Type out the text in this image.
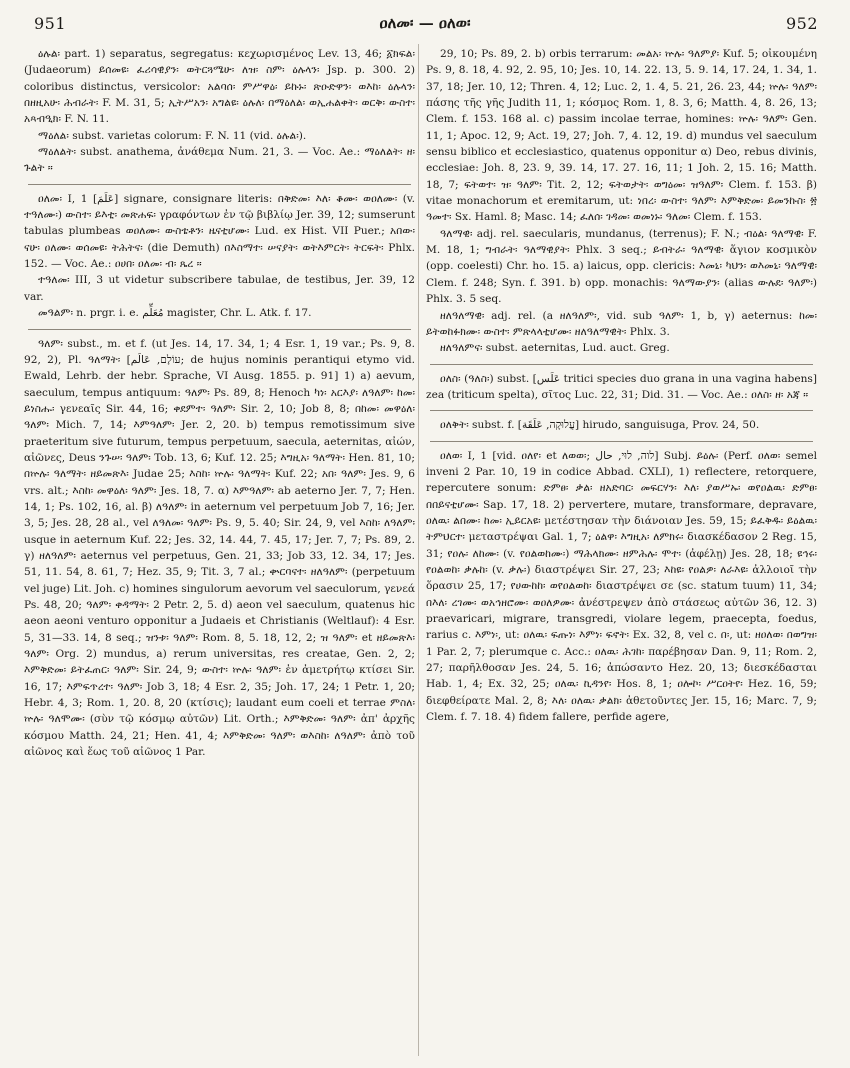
951	ዐለመ፡ — ዐለወ፡	952

ዕሉል፡ part. 1) separatus, segregatus: κεχωρισμένος Lev. 13, 46; ፩ክፍል፡ (Judaeorum) ይሰመዩ፡ ፈሪሳዊያን፡ ወትርጓሜሁ፡ ለዝ፡ ስም፡ ዕሉላን፡ Jsp. p. 300. 2) coloribus distinctus, versicolor: አልባሰ፡ ምሥዋዕ፡ ይኩኑ፡ ጽዑድዋን፡ ወእከ፡ ዕሉላን፡ በዘዚአሁ፡ ሕብራት፡ F. M. 31, 5; ኢትሥአን፡ አግልዩ፡ ዕሉለ፡ በማዕለል፡ ወኢሐልቀት፡ ወርቅ፡ ውስተ፡ አጻብዒክ፡ F. N. 11.

ማዕለል፡ subst. varietas colorum: F. N. 11 (vid. ዕሉል፡).

ማዕለልት፡ subst. anathema, ἀνάθεμα Num. 21, 3. — Voc. Ae.: ማዕለልት፡ ዘ፡ ጉልት ።

ዐለመ፡ I, 1 [عَلَمَ] signare, consignare literis: በቅድመ፡ እለ፡ ቆሙ፡ ወዐለሙ፡ (v. ተዓለሙ፡) ውስተ፡ ይእቲ፡ መጽሐፍ፡ γραφόντων ἐν τῷ βιβλίῳ Jer. 39, 12; sumserunt tabulas plumbeas ወዐለሙ፡ ውስቴቶን፡ ዜናቲሆሙ፡ Lud. ex Hist. VII Puer.; አበው፡ ናሁ፡ ዐለሙ፡ ወሰመዩ፡ ትሕትና፡ (die Demuth) በእስማተ፡ ሠናያት፡ ወትእምርት፡ ትርፍት፡ Phlx. 152. — Voc. Ae.: ዐሀበ፡ ዐለመ፡ ብ፡ ጼረ ።

ተዓለመ፡ III, 3 ut videtur subscribere tabulae, de testibus, Jer. 39, 12 var.

መዓልም፡ n. prgr. i. e. مُعَلِّم magister, Chr. L. Atk. f. 17.

ዓለም፡ subst., m. et f. (ut Jes. 14, 17. 34, 1; 4 Esr. 1, 19 var.; Ps. 9, 8. 92, 2), Pl. ዓለማት፡ [עוֹלָם, عَالَم; de hujus nominis perantiqui etymo vid. Ewald, Lehrb. der hebr. Sprache, VI Ausg. 1855. p. 91] 1) a) aevum, saeculum, tempus antiquum: ዓለም፡ Ps. 89, 8; Henoch ካነ፡ አርእያ፡ ለዓለም፡ ከመ፡ ይነስሑ፡ γενεαῖς Sir. 44, 16; ቀደምተ፡ ዓለም፡ Sir. 2, 10; Job 8, 8; በከመ፡ መዋዕለ፡ ዓለም፡ Mich. 7, 14; እምዓለም፡ Jer. 2, 20. b) tempus remotissimum sive praeteritum sive futurum, tempus perpetuum, saecula, aeternitas, αἰών, αἰῶνες, Deus ንጉሠ፡ ዓለም፡ Tob. 13, 6; Kuf. 12. 25; እግዚአ፡ ዓለማት፡ Hen. 81, 10; በኵሉ፡ ዓለማት፡ ዘይመጽእ፡ Judae 25; እስከ፡ ኵሉ፡ ዓለማት፡ Kuf. 22; አበ፡ ዓለም፡ Jes. 9, 6 vrs. alt.; እስከ፡ መዋዕለ፡ ዓለም፡ Jes. 18, 7. α) እምዓለም፡ ab aeterno Jer. 7, 7; Hen. 14, 1; Ps. 102, 16, al. β) ለዓለም፡ in aeternum vel perpetuum Job 7, 16; Jer. 3, 5; Jes. 28, 28 al., vel ለዓለመ፡ ዓለም፡ Ps. 9, 5. 40; Sir. 24, 9, vel እስከ፡ ለዓለም፡ usque in aeternum Kuf. 22; Jes. 32, 14. 44, 7. 45, 17; Jer. 7, 7; Ps. 89, 2. γ) ዘለዓለም፡ aeternus vel perpetuus, Gen. 21, 33; Job 33, 12. 34, 17; Jes. 51, 11. 54, 8. 61, 7; Hez. 35, 9; Tit. 3, 7 al.; ቍርባናተ፡ ዘለዓለም፡ (perpetuum vel juge) Lit. Joh. c) homines singulorum aevorum vel saeculorum, γενεά Ps. 48, 20; ዓለም፡ ቀዳማት፡ 2 Petr. 2, 5. d) aeon vel saeculum, quatenus hic aeon aeoni venturo opponitur a Judaeis et Christianis (Weltlauf): 4 Esr. 5, 31—33. 14, 8 seq.; ዝንቱ፡ ዓለም፡ Rom. 8, 5. 18, 12, 2; ዝ ዓለም፡ et ዘይመጽእ፡ ዓለም፡ Org. 2) mundus, a) rerum universitas, res creatae, Gen. 2, 2; እምቅድመ፡ ይትፈጠር፡ ዓለም፡ Sir. 24, 9; ውስተ፡ ኵሉ፡ ዓለም፡ ἐν ἀμετρήτῳ κτίσει Sir. 16, 17; እምፍጥረተ፡ ዓለም፡ Job 3, 18; 4 Esr. 2, 35; Joh. 17, 24; 1 Petr. 1, 20; Hebr. 4, 3; Rom. 1, 20. 8, 20 (κτίσις); laudant eum coeli et terrae ምስለ፡ ኵሉ፡ ዓለሞሙ፡ (σὺν τῷ κόσμῳ αὐτῶν) Lit. Orth.; እምቅድመ፡ ዓለም፡ ἀπ' ἀρχῆς κόσμου Matth. 24, 21; Hen. 41, 4; እምቅድመ፡ ዓለም፡ ወእስከ፡ ለዓለም፡ ἀπὸ τοῦ αἰῶνος καὶ ἕως τοῦ αἰῶνος 1 Par.

29, 10; Ps. 89, 2. b) orbis terrarum: መልአ፡ ኵሉ፡ ዓለምያ፡ Kuf. 5; οἰκουμένη Ps. 9, 8. 18, 4. 92, 2. 95, 10; Jes. 10, 14. 22. 13, 5. 9. 14, 17. 24, 1. 34, 1. 37, 18; Jer. 10, 12; Thren. 4, 12; Luc. 2, 1. 4, 5. 21, 26. 23, 44; ኵሉ፡ ዓለም፡ πάσης τῆς γῆς Judith 11, 1; κόσμος Rom. 1, 8. 3, 6; Matth. 4, 8. 26, 13; Clem. f. 153. 168 al. c) passim incolae terrae, homines: ኵሉ፡ ዓለም፡ Gen. 11, 1; Apoc. 12, 9; Act. 19, 27; Joh. 7, 4. 12, 19. d) mundus vel saeculum sensu biblico et ecclesiastico, quatenus opponitur α) Deo, rebus divinis, ecclesiae: Joh. 8, 23. 9, 39. 14, 17. 27. 16, 11; 1 Joh. 2, 15. 16; Matth. 18, 7; ፍትወተ፡ ዝ፡ ዓለም፡ Tit. 2, 12; ፍትወታት፡ ወግዕመ፡ ዝዓለም፡ Clem. f. 153. β) vitae monachorum et eremitarum, ut: ነበረ፡ ውስተ፡ ዓለም፡ እምቅድመ፡ ይመንኩስ፡ ፳ ዓመተ፡ Sx. Haml. 8; Masc. 14; ፈለሰ፡ ገዳመ፡ ወመነኑ፡ ዓለመ፡ Clem. f. 153.

ዓለማዊ፡ adj. rel. saecularis, mundanus, (terrenus); F. N.; ብዕል፡ ዓለማዊ፡ F. M. 18, 1; ግብራት፡ ዓለማዊያት፡ Phlx. 3 seq.; ይብትራ፡ ዓለማዊ፡ ἅγιον κοσμικὸν (opp. coelesti) Chr. ho. 15. a) laicus, opp. clericis: እመኒ፡ ካህን፡ ወእመኒ፡ ዓለማዊ፡ Clem. f. 248; Syn. f. 391. b) opp. monachis: ዓለማውያን፡ (alias ውሉደ፡ ዓለም፡) Phlx. 3. 5 seq.

ዘለዓለማዊ፡ adj. rel. (a ዘለዓለም፡, vid. sub ዓለም፡ 1, b, γ) aeternus: ከመ፡ ይትወከፉክሙ፡ ውስተ፡ ምጽላላቲሆሙ፡ ዘለዓለማዊት፡ Phlx. 3.

ዘለዓለምና፡ subst. aeternitas, Lud. auct. Greg.

ዐለስ፡ (ዓለስ፡) subst. [عَلَس tritici species duo grana in una vagina habens] zea (triticum spelta), σῖτος Luc. 22, 31; Did. 31. — Voc. Ae.: ዐለስ፡ ዘ፡ አጃ ።

ዐለቅት፡ subst. f. [עֲלוּקָה, عَلَقَة] hirudo, sanguisuga, Prov. 24, 50.

ዐለወ፡ I, 1 [vid. ዐለየ፡ et ለወወ፡; לוה, לוּי, حال] Subj. ይዕሉ፡ (Perf. ዐለወ፡ semel inveni 2 Par. 10, 19 in codice Abbad. CXLI), 1) reflectere, retorquere, repercutere sonum: ድምፀ፡ ቃል፡ ዘአድባር፡ መፍርሃን፡ እለ፡ ያወሥኡ፡ ወየዐልዉ፡ ድምፀ፡ በበይናቲሆሙ፡ Sap. 17, 18. 2) pervertere, mutare, transformare, depravare, ዐለዉ፡ ልበሙ፡ ከመ፡ ኢይርአዩ፡ μετέστησαν τὴν διάνοιαν Jes. 59, 15; ይፈቅዱ፡ ይዕልዉ፡ ትምህርተ፡ μεταστρέψαι Gal. 1, 7; ዕልዋ፡ እግዚአ፡ ለምክሩ፡ διασκέδασον 2 Reg. 15, 31; የዐሉ፡ ለከሙ፡ (v. የዐልወከሙ፡) ማሕላክሙ፡ ዘምሕሉ፡ ሞተ፡ (ἀφέλῃ) Jes. 28, 18; ዩኅሩ፡ የዐልወከ፡ ቃሉከ፡ (v. ቃሉ፡) διαστρέψει Sir. 27, 23; እከዩ፡ የዐልዎ፡ ለራእዩ፡ ἀλλοιοῖ τὴν ὅρασιν 25, 17; የሀውከከ፡ ወየዐልወከ፡ διαστρέψει σε (sc. statum tuum) 11, 34; በእለ፡ ረገሙ፡ ወአኅዘሮሙ፡ ወዐለዎሙ፡ ἀνέστρεψεν ἀπὸ στάσεως αὐτῶν 36, 12. 3) praevaricari, migrare, transgredi, violare legem, praecepta, foedus, rarius c. እምነ፡, ut: ዐለዉ፡ ፍጡነ፡ እምነ፡ ፍኖት፡ Ex. 32, 8, vel c. በ፡, ut: ዘዐለወ፡ በወግዝ፡ 1 Par. 2, 7; plerumque c. Acc.: ዐለዉ፡ ሕገከ፡ παρέβησαν Dan. 9, 11; Rom. 2, 27; παρῆλθοσαν Jes. 24, 5. 16; ἀπώσαντο Hez. 20, 13; διεσκέδασται Hab. 1, 4; Ex. 32, 25; ዐለዉ፡ ኪዳንየ፡ Hos. 8, 1; ዐሎኮ፡ ሥርዐትየ፡ Hez. 16, 59; διεφθείρατε Mal. 2, 8; እለ፡ ዐለዉ፡ ቃልክ፡ ἀθετοῦντες Jer. 15, 16; Marc. 7, 9; Clem. f. 7. 18. 4) fidem fallere, perfide agere,
